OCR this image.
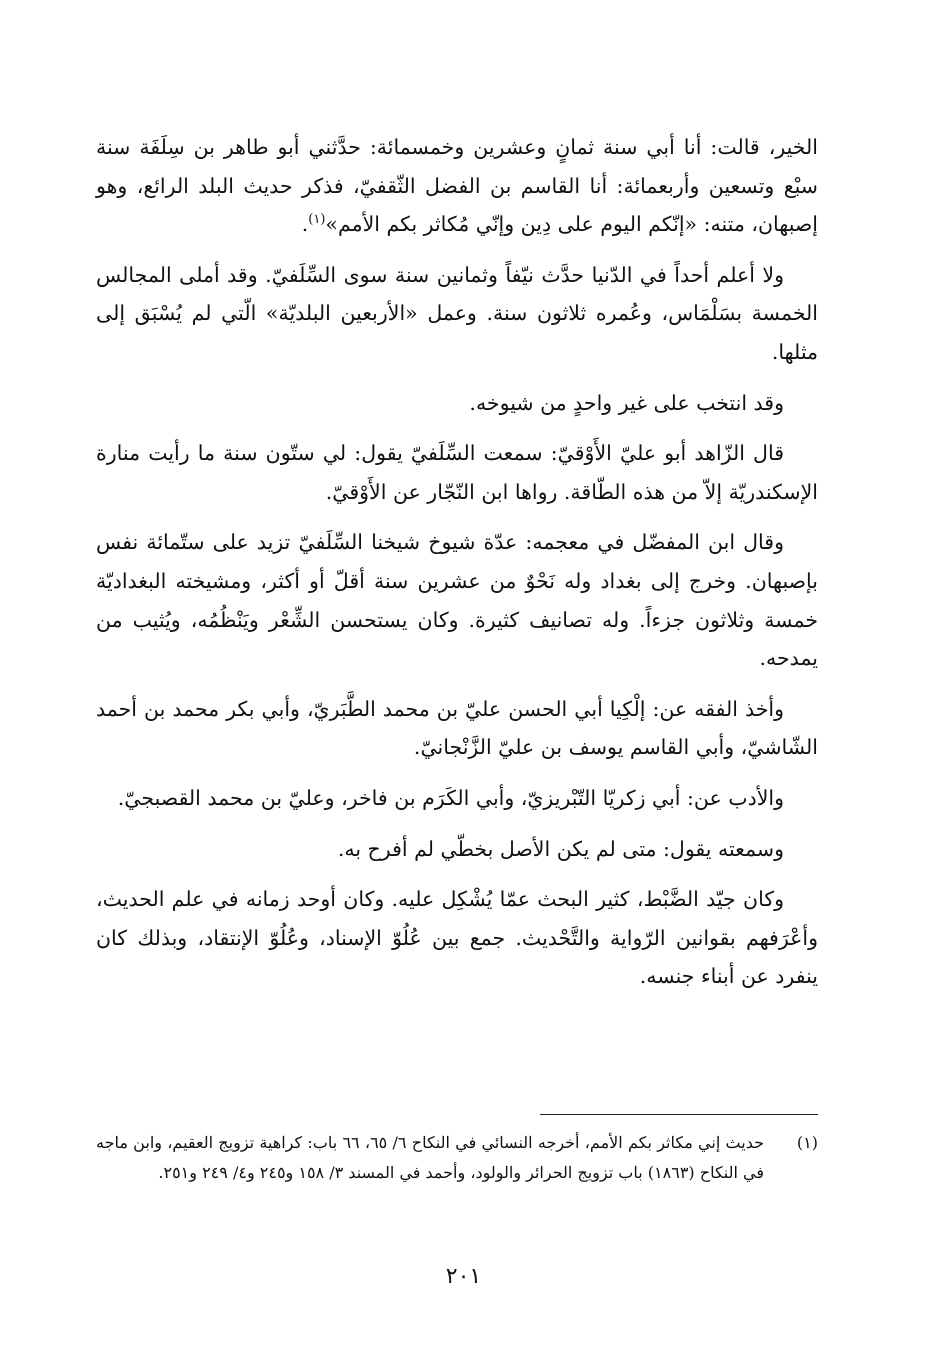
الخير، قالت: أنا أبي سنة ثمانٍ وعشرين وخمسمائة: حدَّثني أبو طاهر بن سِلَفَة سنة سبْع وتسعين وأربعمائة: أنا القاسم بن الفضل الثّقفيّ، فذكر حديث البلد الرائع، وهو إصبهان، متنه: «إنّكم اليوم على دِين وإنّي مُكاثر بكم الأمم»$^{(١)}$.

ولا أعلم أحداً في الدّنيا حدَّث نيّفاً وثمانين سنة سوى السِّلَفيّ. وقد أملى المجالس الخمسة بسَلْمَاس، وعُمره ثلاثون سنة. وعمل «الأربعين البلديّة» الّتي لم يُسْبَق إلى مثلها.

وقد انتخب على غير واحدٍ من شيوخه.

قال الزّاهد أبو عليّ الأَوْقيّ: سمعت السِّلَفيّ يقول: لي ستّون سنة ما رأيت منارة الإسكندريّة إلاّ من هذه الطّاقة. رواها ابن النّجّار عن الأَوْقيّ.

وقال ابن المفضّل في معجمه: عدّة شيوخ شيخنا السِّلَفيّ تزيد على ستّمائة نفس بإصبهان. وخرج إلى بغداد وله نَحْوٌ من عشرين سنة أقلّ أو أكثر، ومشيخته البغداديّة خمسة وثلاثون جزءاً. وله تصانيف كثيرة. وكان يستحسن الشِّعْر ويَنْظُمُه، ويُثيب من يمدحه.

وأخذ الفقه عن: إلْكِيا أبي الحسن عليّ بن محمد الطَّبَريّ، وأبي بكر محمد بن أحمد الشّاشيّ، وأبي القاسم يوسف بن عليّ الزَّنْجانيّ.

والأدب عن: أبي زكريّا التّبْريزيّ، وأبي الكَرَم بن فاخر، وعليّ بن محمد القصبجيّ.

وسمعته يقول: متى لم يكن الأصل بخطّي لم أفرح به.

وكان جيّد الضَّبْط، كثير البحث عمّا يُشْكِل عليه. وكان أوحد زمانه في علم الحديث، وأعْرَفهم بقوانين الرّواية والتَّحْديث. جمع بين عُلُوّ الإسناد، وعُلُوّ الإنتقاد، وبذلك كان ينفرد عن أبناء جنسه.

(١)
حديث إني مكاثر بكم الأمم، أخرجه النسائي في النكاح ٦/ ٦٥، ٦٦ باب: كراهية تزويج العقيم، وابن ماجه في النكاح (١٨٦٣) باب تزويج الحرائر والولود، وأحمد في المسند ٣/ ١٥٨ و٢٤٥ و٤/ ٢٤٩ و٢٥١.
٢٠١
